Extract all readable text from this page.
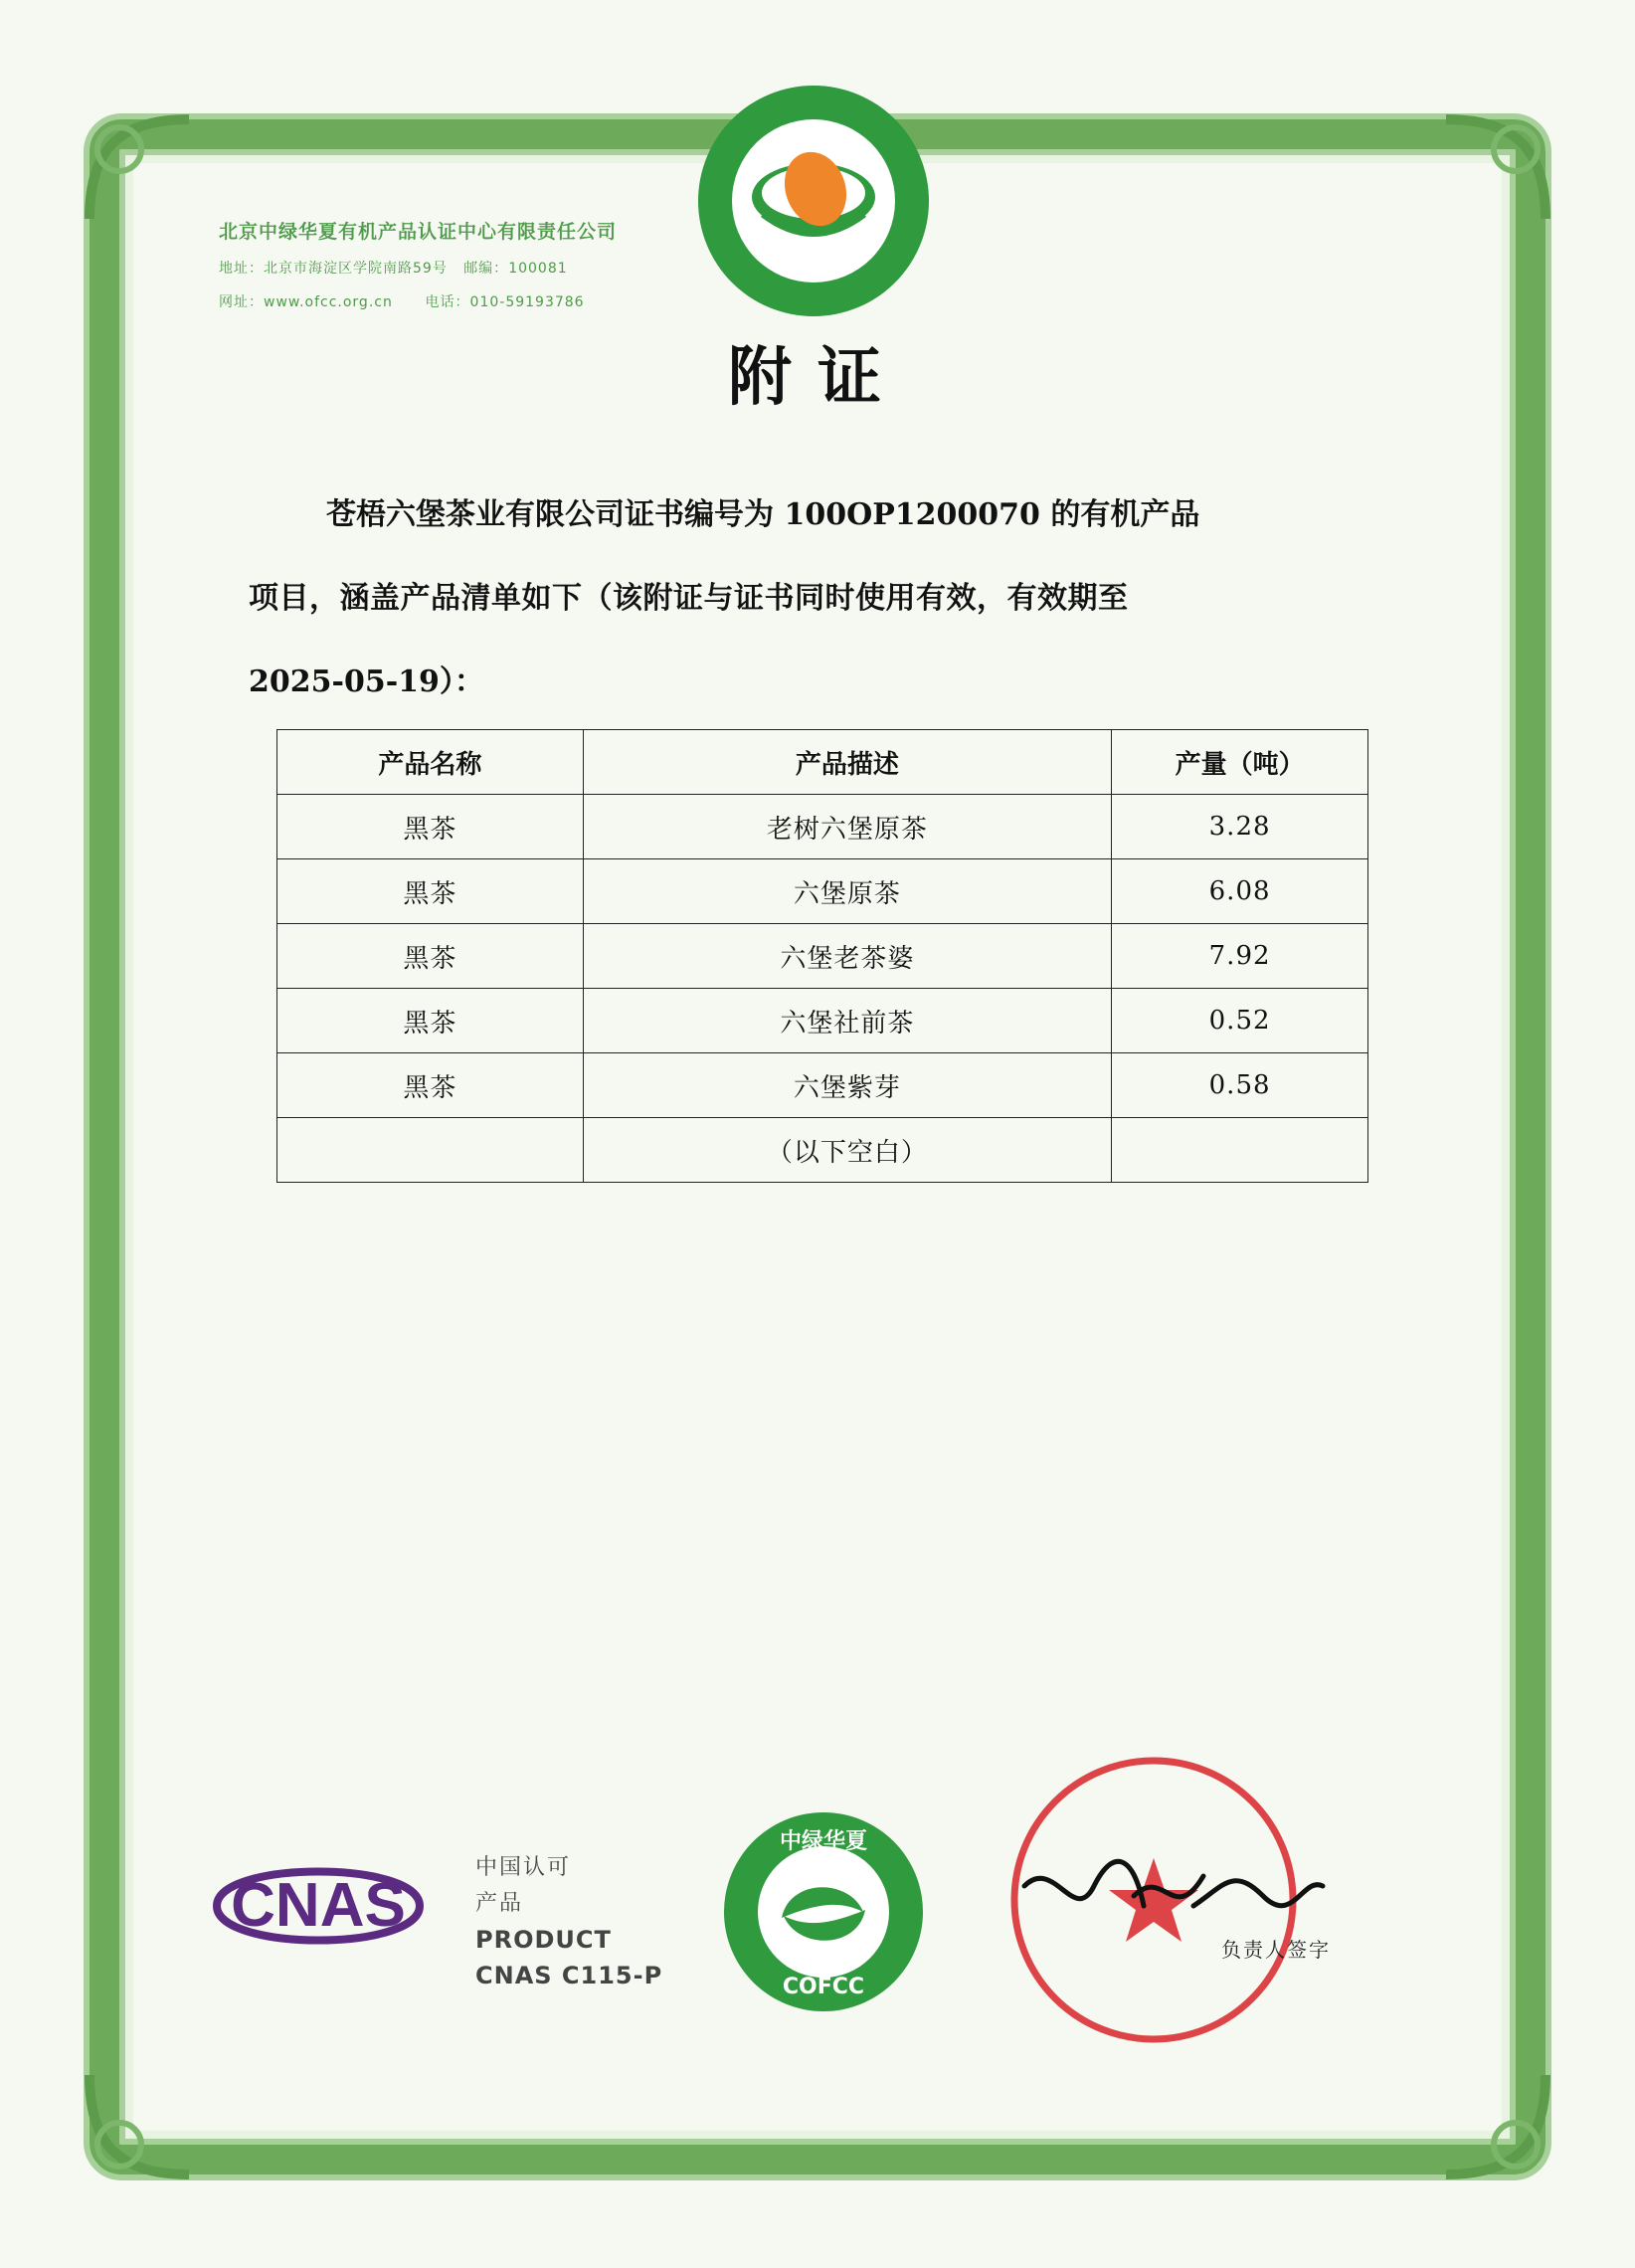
北京中绿华夏有机产品认证中心有限责任公司
地址：北京市海淀区学院南路59号 邮编：100081
网址：www.ofcc.org.cn 电话：010-59193786
附证
苍梧六堡茶业有限公司证书编号为 100OP1200070 的有机产品
项目，涵盖产品清单如下（该附证与证书同时使用有效，有效期至
2025-05-19）：
产品名称	产品描述	产量（吨）
黑茶	老树六堡原茶	3.28
黑茶	六堡原茶	6.08
黑茶	六堡老茶婆	7.92
黑茶	六堡社前茶	0.52
黑茶	六堡紫芽	0.58
	（以下空白）	
CNAS
中国认可
产品
PRODUCT
CNAS C115-P
中绿华夏
COFCC
负责人签字
